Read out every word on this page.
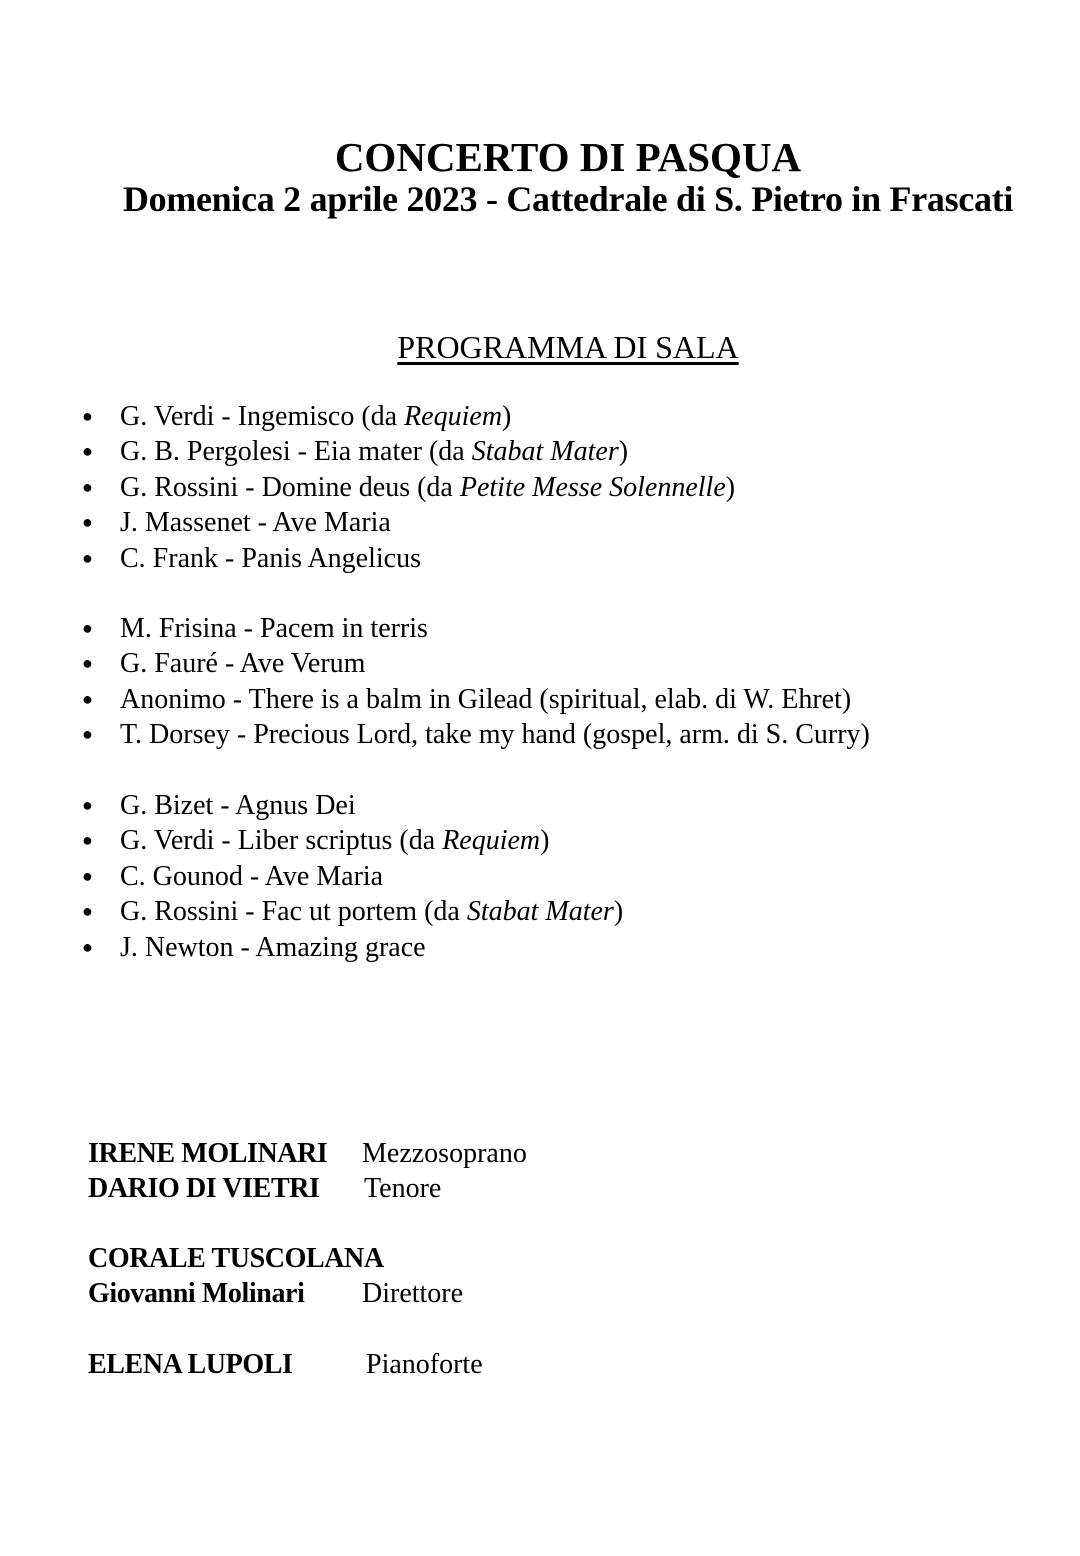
CONCERTO DI PASQUA
Domenica 2 aprile 2023 - Cattedrale di S. Pietro in Frascati
PROGRAMMA DI SALA
●G. Verdi - Ingemisco (da Requiem)
●G. B. Pergolesi - Eia mater (da Stabat Mater)
●G. Rossini - Domine deus (da Petite Messe Solennelle)
●J. Massenet - Ave Maria
●C. Frank - Panis Angelicus
●M. Frisina - Pacem in terris
●G. Fauré - Ave Verum
●Anonimo - There is a balm in Gilead (spiritual, elab. di W. Ehret)
●T. Dorsey - Precious Lord, take my hand (gospel, arm. di S. Curry)
●G. Bizet - Agnus Dei
●G. Verdi - Liber scriptus (da Requiem)
●C. Gounod - Ave Maria
●G. Rossini - Fac ut portem (da Stabat Mater)
●J. Newton - Amazing grace
IRENE MOLINARI Mezzosoprano
DARIO DI VIETRI Tenore
CORALE TUSCOLANA
Giovanni Molinari Direttore
ELENA LUPOLI	Pianoforte
